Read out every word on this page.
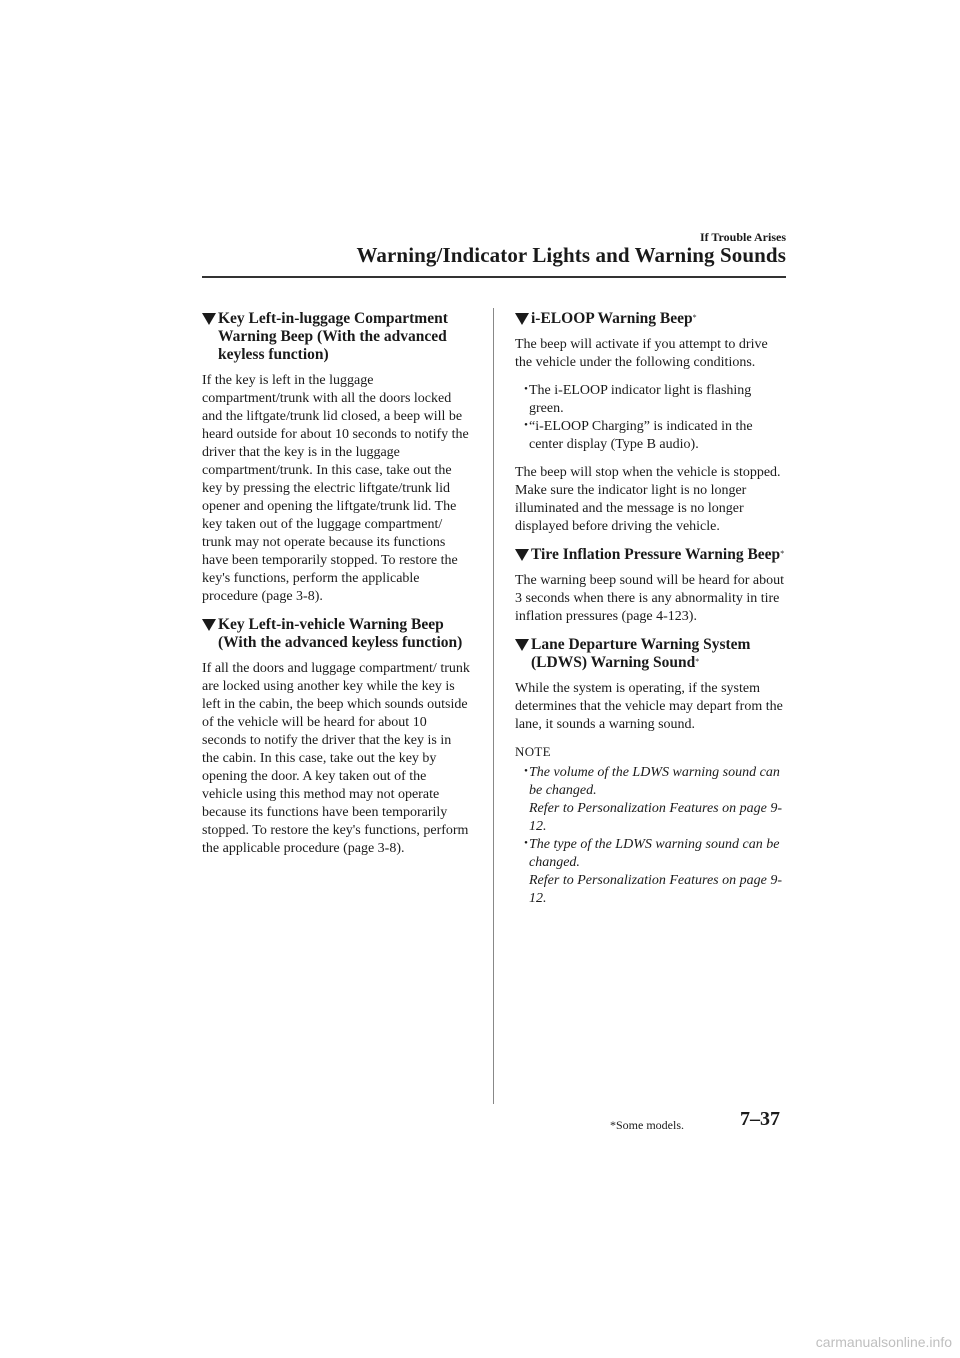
If Trouble Arises
Warning/Indicator Lights and Warning Sounds
Key Left-in-luggage Compartment Warning Beep (With the advanced keyless function)

If the key is left in the luggage compartment/trunk with all the doors locked and the liftgate/trunk lid closed, a beep will be heard outside for about 10 seconds to notify the driver that the key is in the luggage compartment/trunk. In this case, take out the key by pressing the electric liftgate/trunk lid opener and opening the liftgate/trunk lid. The key taken out of the luggage compartment/ trunk may not operate because its functions have been temporarily stopped. To restore the key's functions, perform the applicable procedure (page 3-8).

Key Left-in-vehicle Warning Beep (With the advanced keyless function)

If all the doors and luggage compartment/ trunk are locked using another key while the key is left in the cabin, the beep which sounds outside of the vehicle will be heard for about 10 seconds to notify the driver that the key is in the cabin. In this case, take out the key by opening the door. A key taken out of the vehicle using this method may not operate because its functions have been temporarily stopped. To restore the key's functions, perform the applicable procedure (page 3-8).

i-ELOOP Warning Beep*

The beep will activate if you attempt to drive the vehicle under the following conditions.

・
The i-ELOOP indicator light is flashing green.
・
“i-ELOOP Charging” is indicated in the center display (Type B audio).

The beep will stop when the vehicle is stopped. Make sure the indicator light is no longer illuminated and the message is no longer displayed before driving the vehicle.

Tire Inflation Pressure Warning Beep*

The warning beep sound will be heard for about 3 seconds when there is any abnormality in tire inflation pressures (page 4-123).

Lane Departure Warning System (LDWS) Warning Sound*

While the system is operating, if the system determines that the vehicle may depart from the lane, it sounds a warning sound.

NOTE
・
The volume of the LDWS warning sound can be changed.
Refer to Personalization Features on page 9-12.
・
The type of the LDWS warning sound can be changed.
Refer to Personalization Features on page 9-12.
*Some models.	7–37
carmanualsonline.info
